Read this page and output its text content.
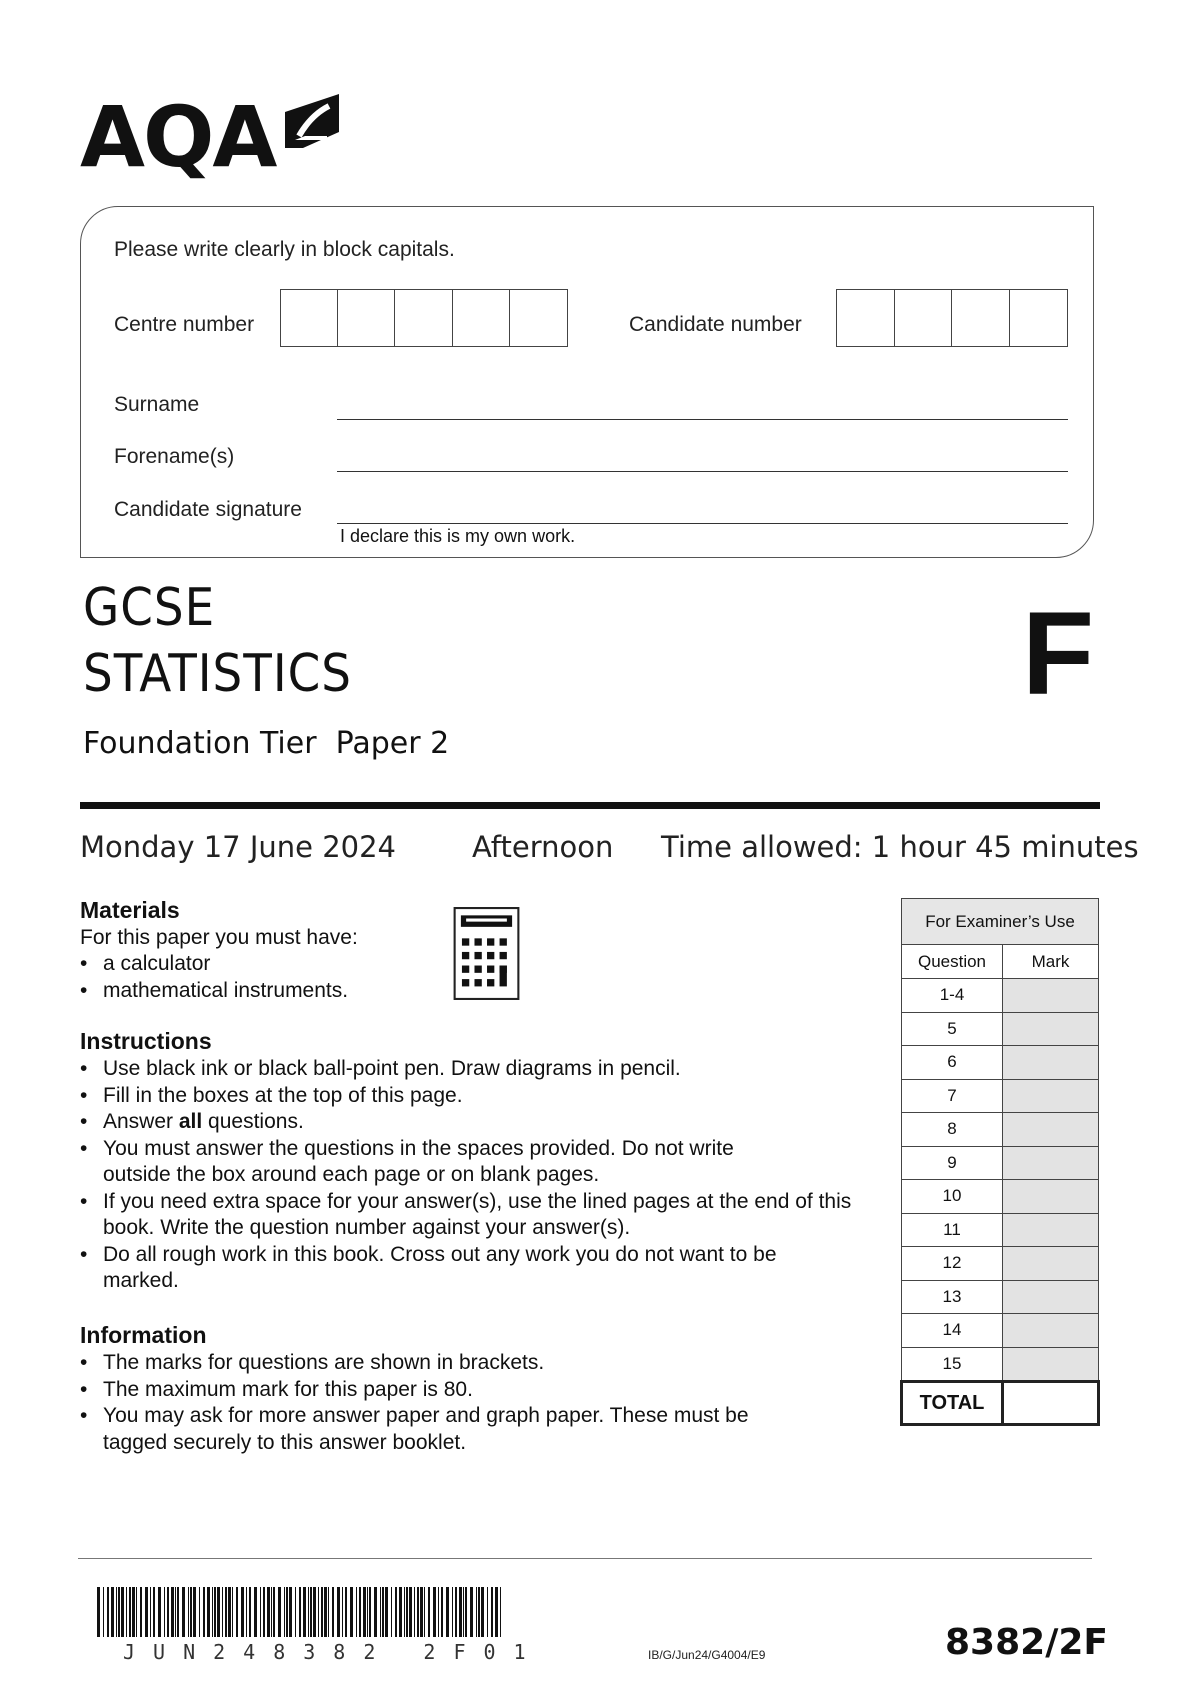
AQA
Please write clearly in block capitals.
Centre number	Candidate number
Surname
Forename(s)
Candidate signature
I declare this is my own work.
GCSE
STATISTICS
Foundation Tier  Paper 2
F
Monday 17 June 2024	Afternoon Time allowed: 1 hour 45 minutes
Materials
For this paper you must have:
• a calculator
• mathematical instruments.
Instructions
• Use black ink or black ball-point pen. Draw diagrams in pencil.
• Fill in the boxes at the top of this page.
• Answer all questions.
• You must answer the questions in the spaces provided. Do not write outside the box around each page or on blank pages.
• If you need extra space for your answer(s), use the lined pages at the end of this book. Write the question number against your answer(s).
• Do all rough work in this book. Cross out any work you do not want to be marked.
Information
• The marks for questions are shown in brackets.
• The maximum mark for this paper is 80.
• You may ask for more answer paper and graph paper. These must be tagged securely to this answer booklet.
For Examiner’s Use	
Question	Mark
1-4	
5	
6	
7	
8	
9	
10	
11	
12	
13	
14	
15	
TOTAL	
JUN248382 2F01	IB/G/Jun24/G4004/E9	8382/2F
